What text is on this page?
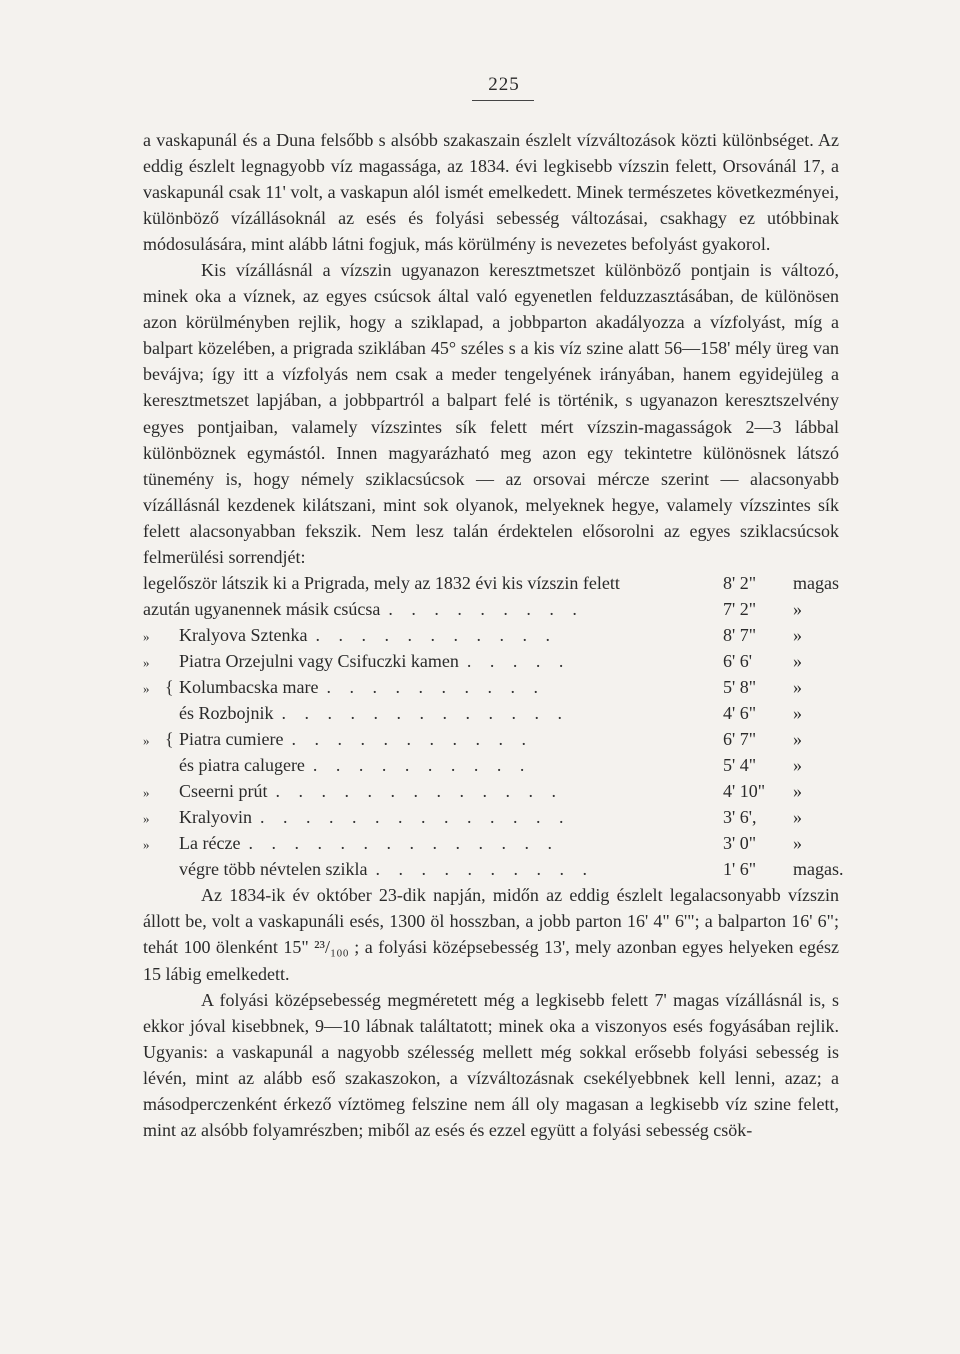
225

a vaskapunál és a Duna felsőbb s alsóbb szakaszain észlelt vízváltozások közti különbséget. Az eddig észlelt legnagyobb víz magassága, az 1834. évi legkisebb vízszin felett, Orsovánál 17, a vaskapunál csak 11' volt, a vaskapun alól ismét emelkedett. Minek természetes következményei, különböző vízállásoknál az esés és folyási sebesség változásai, csakhagy ez utóbbinak módosulására, mint alább látni fogjuk, más körülmény is nevezetes befolyást gyakorol.

Kis vízállásnál a vízszin ugyanazon keresztmetszet különböző pontjain is változó, minek oka a víznek, az egyes csúcsok által való egyenetlen felduzzasztásában, de különösen azon körülményben rejlik, hogy a sziklapad, a jobbparton akadályozza a vízfolyást, míg a balpart közelében, a prigrada sziklában 45° széles s a kis víz szine alatt 56—158' mély üreg van bevájva; így itt a vízfolyás nem csak a meder tengelyének irányában, hanem egyidejüleg a keresztmetszet lapjában, a jobbpartról a balpart felé is történik, s ugyanazon keresztszelvény egyes pontjaiban, valamely vízszintes sík felett mért vízszin-magasságok 2—3 lábbal különböznek egymástól. Innen magyarázható meg azon egy tekintetre különösnek látszó tünemény is, hogy némely sziklacsúcsok — az orsovai mércze szerint — alacsonyabb vízállásnál kezdenek kilátszani, mint sok olyanok, melyeknek hegye, valamely vízszintes sík felett alacsonyabban fekszik. Nem lesz talán érdektelen elősorolni az egyes sziklacsúcsok felmerülési sorrendjét:

legelőször látszik ki a Prigrada, mely az 1832 évi kis vízszin felett	8' 2"	magas
azután ugyanennek másik csúcsa . . . . . . . . .	7' 2"	»
»	Kralyova Sztenka . . . . . . . . . . .	8' 7"	»
»	Piatra Orzejulni vagy Csifuczki kamen . . . . .	6' 6'	»
» { Kolumbacska mare . . . . . . . . . .	5' 8"	»
és Rozbojnik . . . . . . . . . . . . .	4' 6"	»
» { Piatra cumiere . . . . . . . . . . .	6' 7"	»
és piatra calugere . . . . . . . . . .	5' 4"	»
»	Cseerni prút . . . . . . . . . . . . .	4' 10"	»
»	Kralyovin . . . . . . . . . . . . . .	3' 6',	»
»	La récze . . . . . . . . . . . . . .	3' 0"	»
végre több névtelen szikla . . . . . . . . . .	1' 6"	magas.

Az 1834-ik év október 23-dik napján, midőn az eddig észlelt legalacsonyabb vízszin állott be, volt a vaskapunáli esés, 1300 öl hosszban, a jobb parton 16' 4" 6'"; a balparton 16' 6"; tehát 100 ölenként 15" ²³/₁₀₀ ; a folyási középsebesség 13', mely azonban egyes helyeken egész 15 lábig emelkedett.

A folyási középsebesség megméretett még a legkisebb felett 7' magas vízállásnál is, s ekkor jóval kisebbnek, 9—10 lábnak találtatott; minek oka a viszonyos esés fogyásában rejlik. Ugyanis: a vaskapunál a nagyobb szélesség mellett még sokkal erősebb folyási sebesség is lévén, mint az alább eső szakaszokon, a vízváltozásnak csekélyebbnek kell lenni, azaz; a másodperczenként érkező víztömeg felszine nem áll oly magasan a legkisebb víz szine felett, mint az alsóbb folyamrészben; miből az esés és ezzel együtt a folyási sebesség csök-
